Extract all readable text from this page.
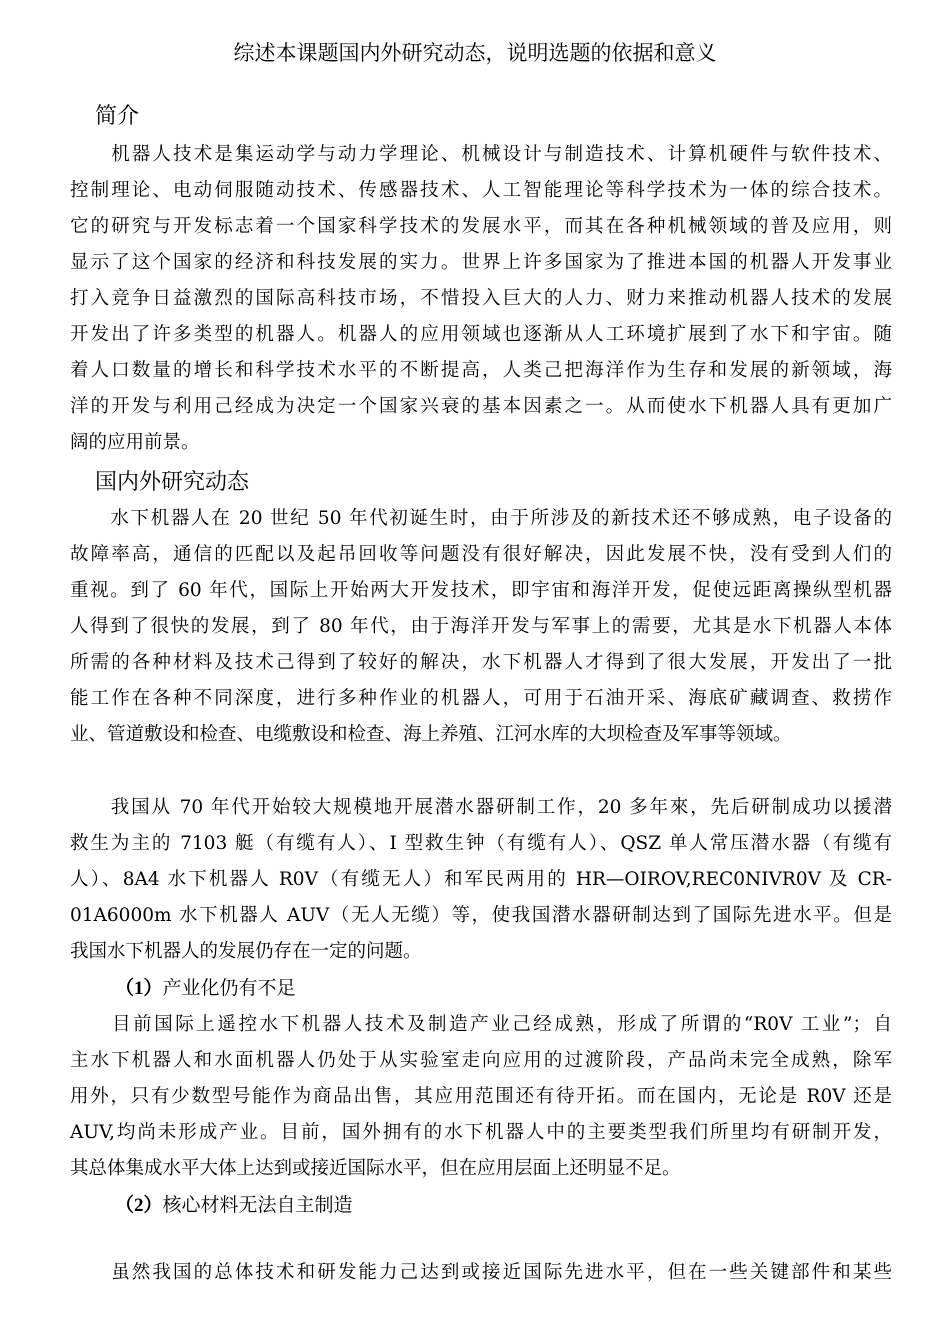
综述本课题国内外研究动态，说明选题的依据和意义
简介
　　机器人技术是集运动学与动力学理论、机械设计与制造技术、计算机硬件与软件技术、
控制理论、电动伺服随动技术、传感器技术、人工智能理论等科学技术为一体的综合技术。
它的研究与开发标志着一个国家科学技术的发展水平，而其在各种机械领域的普及应用，则
显示了这个国家的经济和科技发展的实力。世界上许多国家为了推进本国的机器人开发事业
打入竞争日益激烈的国际高科技市场，不惜投入巨大的人力、财力来推动机器人技术的发展
开发出了许多类型的机器人。机器人的应用领域也逐渐从人工环境扩展到了水下和宇宙。随
着人口数量的增长和科学技术水平的不断提高，人类己把海洋作为生存和发展的新领域，海
洋的开发与利用己经成为决定一个国家兴衰的基本因素之一。从而使水下机器人具有更加广
阔的应用前景。
国内外研究动态
　　水下机器人在 20 世纪 50 年代初诞生时，由于所涉及的新技术还不够成熟，电子设备的
故障率高，通信的匹配以及起吊回收等问题没有很好解决，因此发展不快，没有受到人们的
重视。到了 60 年代，国际上开始两大开发技术，即宇宙和海洋开发，促使远距离操纵型机器
人得到了很快的发展，到了 80 年代，由于海洋开发与军事上的需要，尤其是水下机器人本体
所需的各种材料及技术己得到了较好的解决，水下机器人才得到了很大发展，开发出了一批
能工作在各种不同深度，进行多种作业的机器人，可用于石油开采、海底矿藏调查、救捞作
业、管道敷设和检查、电缆敷设和检查、海上养殖、江河水库的大坝检查及军事等领域。
　　我国从 70 年代开始较大规模地开展潜水器研制工作，20 多年來，先后研制成功以援潜
救生为主的 7103 艇（有缆有人）、I 型救生钟（有缆有人）、QSZ 单人常压潜水器（有缆有
人）、8A4 水下机器人 R0V（有缆无人）和军民两用的 HR—OIROV,REC0NIVR0V 及 CR-
01A6000m 水下机器人 AUV（无人无缆）等，使我国潜水器研制达到了国际先进水平。但是
我国水下机器人的发展仍存在一定的问题。
（1）产业化仍有不足
　　目前国际上遥控水下机器人技术及制造产业己经成熟，形成了所谓的“R0V 工业”；自
主水下机器人和水面机器人仍处于从实验室走向应用的过渡阶段，产品尚未完全成熟，除军
用外，只有少数型号能作为商品出售，其应用范围还有待开拓。而在国内，无论是 R0V 还是
AUV,均尚未形成产业。目前，国外拥有的水下机器人中的主要类型我们所里均有研制开发，
其总体集成水平大体上达到或接近国际水平，但在应用层面上还明显不足。
（2）核心材料无法自主制造
　　虽然我国的总体技术和研发能力己达到或接近国际先进水平，但在一些关键部件和某些
